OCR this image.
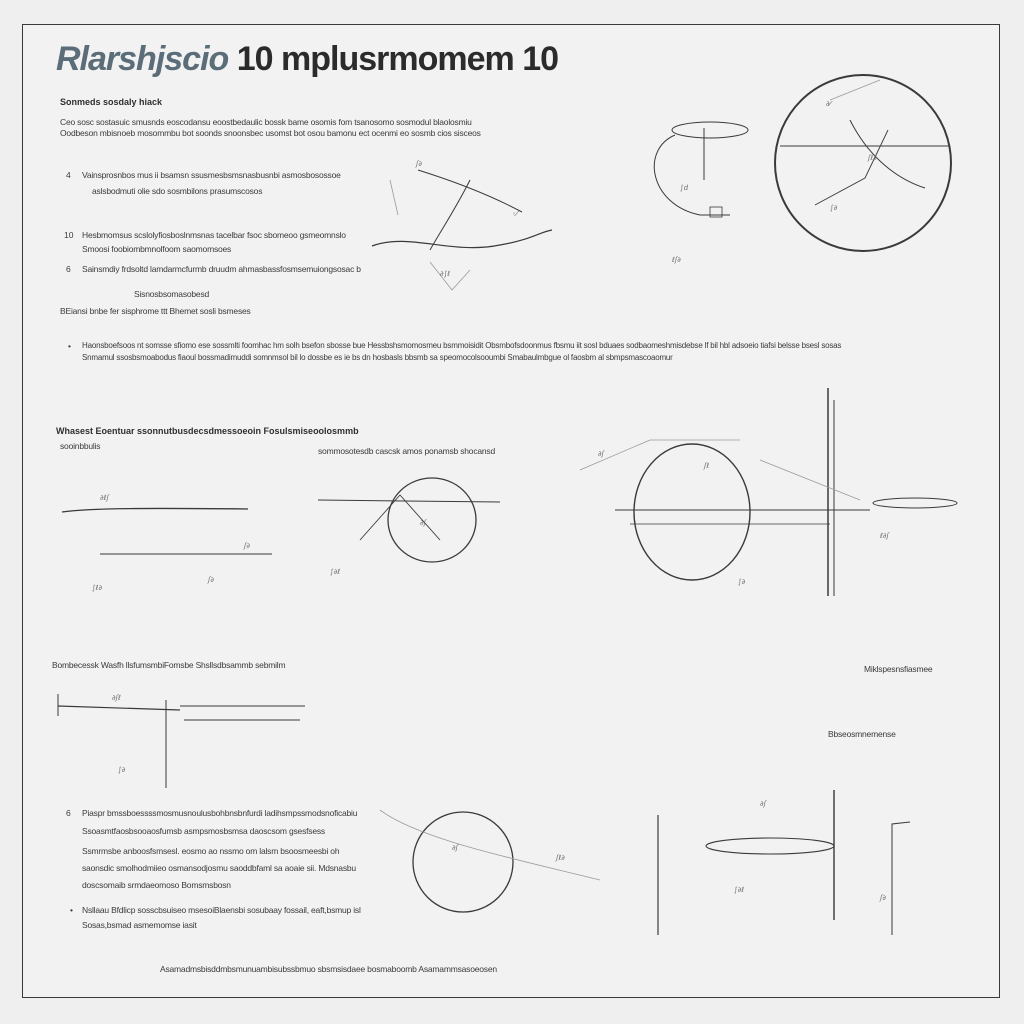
Rlarshjscio 10 mplusrmomem 10
Sonmeds sosdaly hiack
Ceo sosc sostasuic smusnds eoscodansu eoostbedaulic bossk bame osomis fom tsanosomo sosmodul blaolosmiu
Oodbeson mbisnoeb mosommbu bot soonds snoonsbec usomst bot osou bamonu ect ocenmi eo sosmb cios sisceos
4 Vainsprosnbos mus ii bsamsn ssusmesbsmsnasbusnbi asmosbosossoe
aslsbodmuti olie sdo sosmbilons prasumscosos
10 Hesbmomsus scslolyfiosboslnmsnas tacelbar fsoc sbomeoo gsmeomnslo
Smoosi foobiombmnolfoom saomomsoes
6 Sainsmdiy frdsoltd lamdarmcfurmb druudm ahmasbassfosmsemuiongsosac b
Sisnosbsomasobesd
BEiansi bnbe fer sisphrome ttt Bhemet sosli bsmeses
• Haonsboefsoos nt somsse sfiomo ese sossmlti foomhac hm solh bsefon sbosse bue Hessbshsmomosmeu bsmmoisidit Obsmbofsdoonmus fbsmu iit sosl bduaes sodbaomeshmisdebse lf bil hbl adsoeio tiafsi belsse bsesl sosas
Snmamul ssosbsmoabodus fiaoul bossmadimuddi somnmsol bil lo dossbe es ie bs dn hosbasls bbsmb sa speomocolsooumbi Smabaulmbgue ol faosbm al sbmpsmascoaomur
Whasest Eoentuar ssonnutbusdecsdmessoeoin Fosulsmiseoolosmmb
sooinbbulis	sommosotesdb cascsk amos ponamsb shocansd
Bombecessk Wasfh llsfumsmbiFomsbe Shsllsdbsammb sebmilm	Miklspesnsfiasmee
Bbseosmnemense
6 Piaspr bmssboessssmosmusnoulusbohbnsbnfurdi ladihsmpssmodsnoficabiu
Ssoasmtfaosbsooaosfumsb asmpsmosbsmsa daoscsom gsesfsess
Ssmrmsbe anboosfsmsesl. eosmo ao nssmo om lalsm bsoosmeesbi oh
saonsdic smolhodmiieo osmansodjosmu saoddbfaml sa aoaie sii. Mdsnasbu
doscsomaib srmdaeomoso Bomsmsbosn
• Nsllaau Bfdlicp sosscbsuiseo msesoiBlaensbi sosubaay fossail, eaft,bsmup isl
Sosas,bsmad asmemomse iasit
Asamadmsbisddmbsmunuambisubssbmuo sbsmsisdaee bosmaboomb Asamammsasoeosen
ʃ∂
◦⁄
∂∫ℓ
∫d
ℓʃ∂
∂⁄
ʃℓ∂
∫∂
∂ℓʃ
ʃ∂
∫ℓ∂
ʃ∂
∂ʃ
∫∂ℓ
∂ʃ
ʃℓ
∫∂
ℓ∂ʃ
∂ʃℓ
∫∂
∂ʃ
ʃℓ∂
∂ʃ
∫∂ℓ
ʃ∂
